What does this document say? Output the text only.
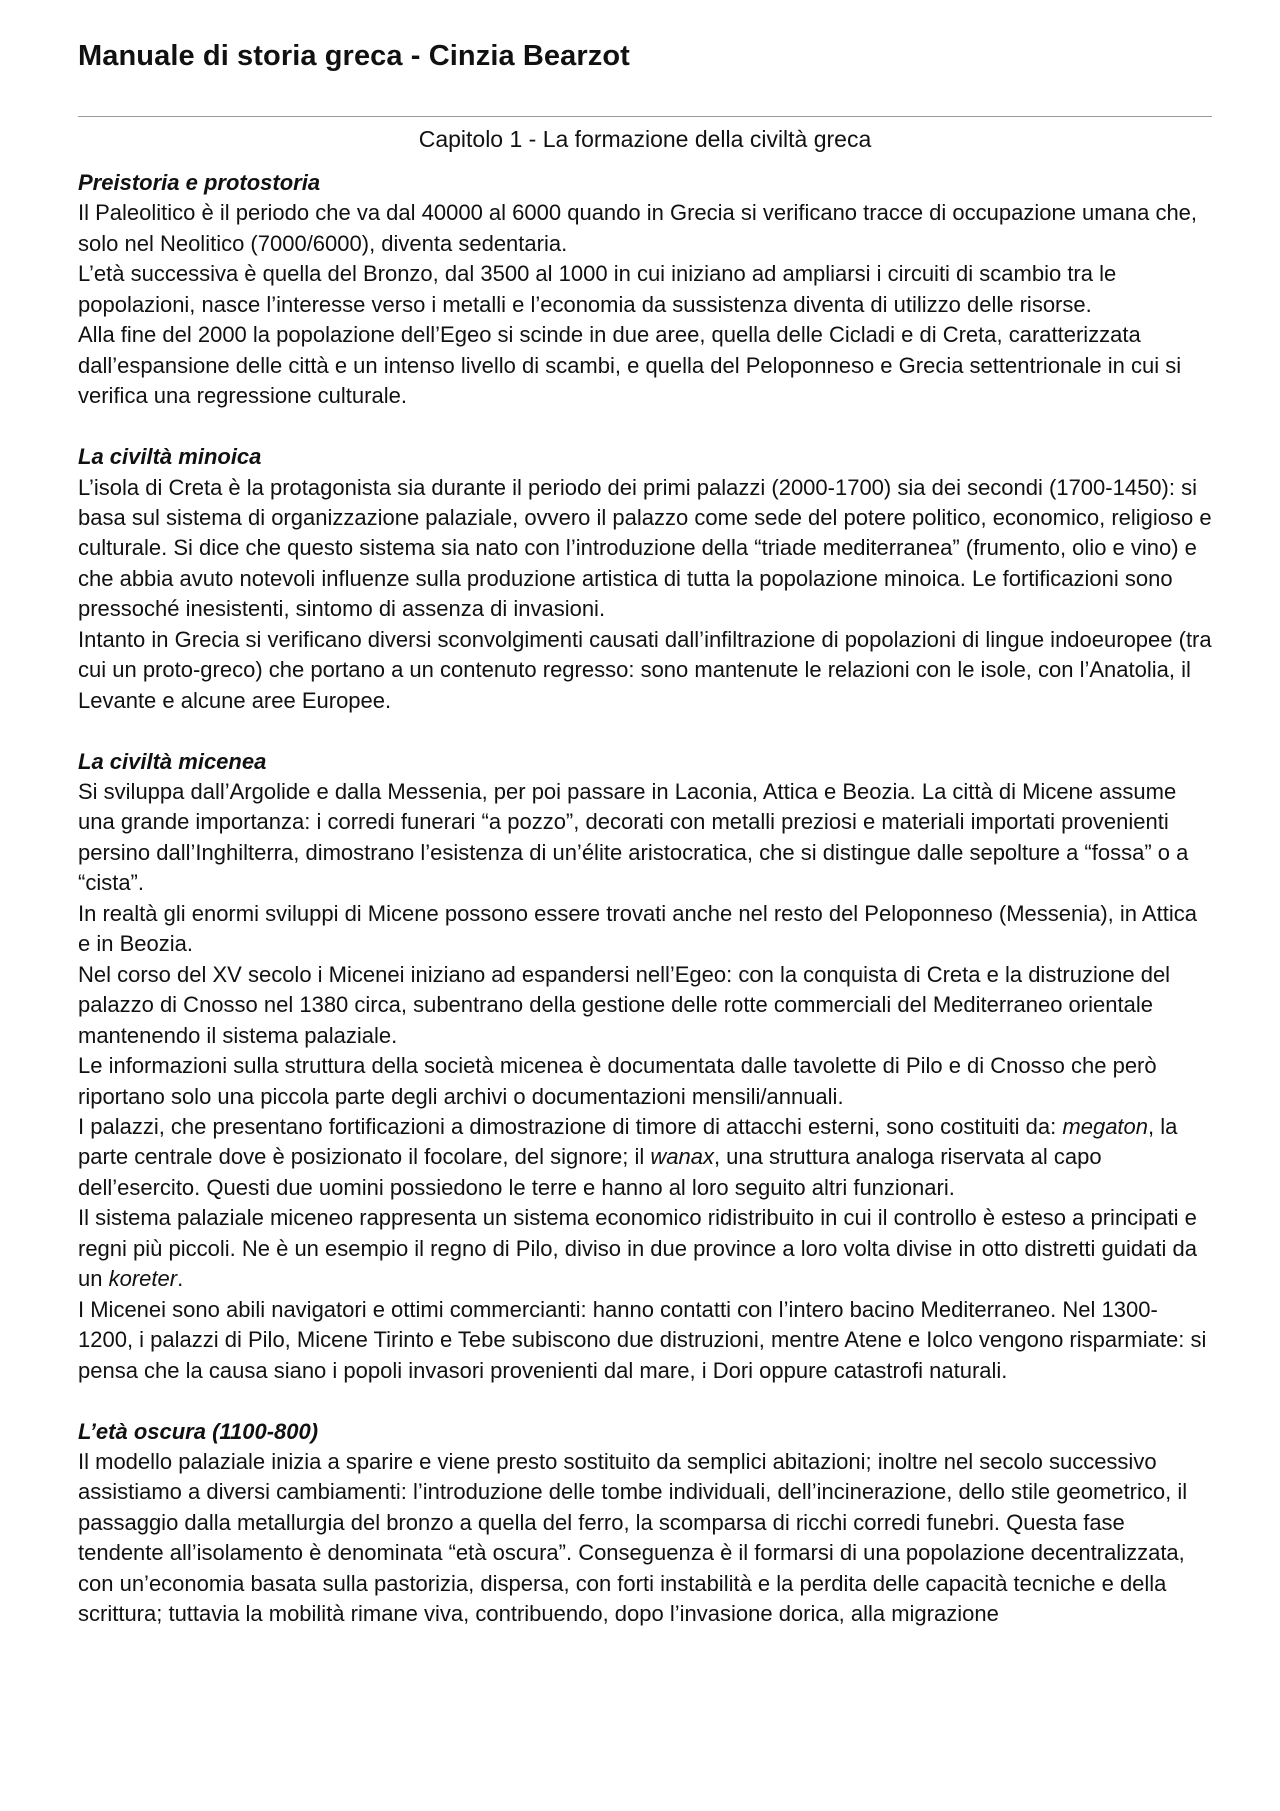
Manuale di storia greca - Cinzia Bearzot
Capitolo 1 - La formazione della civiltà greca
Preistoria e protostoria
Il Paleolitico è il periodo che va dal 40000 al 6000 quando in Grecia si verificano tracce di occupazione umana che, solo nel Neolitico (7000/6000), diventa sedentaria.
L’età successiva è quella del Bronzo, dal 3500 al 1000 in cui iniziano ad ampliarsi i circuiti di scambio tra le popolazioni, nasce l’interesse verso i metalli e l’economia da sussistenza diventa di utilizzo delle risorse.
Alla fine del 2000 la popolazione dell’Egeo si scinde in due aree, quella delle Cicladi e di Creta, caratterizzata dall’espansione delle città e un intenso livello di scambi, e quella del Peloponneso e Grecia settentrionale in cui si verifica una regressione culturale.
La civiltà minoica
L’isola di Creta è la protagonista sia durante il periodo dei primi palazzi (2000-1700) sia dei secondi (1700-1450): si basa sul sistema di organizzazione palaziale, ovvero il palazzo come sede del potere politico, economico, religioso e culturale. Si dice che questo sistema sia nato con l’introduzione della “triade mediterranea” (frumento, olio e vino) e che abbia avuto notevoli influenze sulla produzione artistica di tutta la popolazione minoica. Le fortificazioni sono pressoché inesistenti, sintomo di assenza di invasioni.
Intanto in Grecia si verificano diversi sconvolgimenti causati dall’infiltrazione di popolazioni di lingue indoeuropee (tra cui un proto-greco) che portano a un contenuto regresso: sono mantenute le relazioni con le isole, con l’Anatolia, il Levante e alcune aree Europee.
La civiltà micenea
Si sviluppa dall’Argolide e dalla Messenia, per poi passare in Laconia, Attica e Beozia. La città di Micene assume una grande importanza: i corredi funerari “a pozzo”, decorati con metalli preziosi e materiali importati provenienti persino dall’Inghilterra, dimostrano l’esistenza di un’élite aristocratica, che si distingue dalle sepolture a “fossa” o a “cista”.
In realtà gli enormi sviluppi di Micene possono essere trovati anche nel resto del Peloponneso (Messenia), in Attica e in Beozia.
Nel corso del XV secolo i Micenei iniziano ad espandersi nell’Egeo: con la conquista di Creta e la distruzione del palazzo di Cnosso nel 1380 circa, subentrano della gestione delle rotte commerciali del Mediterraneo orientale mantenendo il sistema palaziale.
Le informazioni sulla struttura della società micenea è documentata dalle tavolette di Pilo e di Cnosso che però riportano solo una piccola parte degli archivi o documentazioni mensili/annuali.
I palazzi, che presentano fortificazioni a dimostrazione di timore di attacchi esterni, sono costituiti da: megaton, la parte centrale dove è posizionato il focolare, del signore; il wanax, una struttura analoga riservata al capo dell’esercito. Questi due uomini possiedono le terre e hanno al loro seguito altri funzionari.
Il sistema palaziale miceneo rappresenta un sistema economico ridistribuito in cui il controllo è esteso a principati e regni più piccoli. Ne è un esempio il regno di Pilo, diviso in due province a loro volta divise in otto distretti guidati da un koreter.
I Micenei sono abili navigatori e ottimi commercianti: hanno contatti con l’intero bacino Mediterraneo. Nel 1300-1200, i palazzi di Pilo, Micene Tirinto e Tebe subiscono due distruzioni, mentre Atene e Iolco vengono risparmiate: si pensa che la causa siano i popoli invasori provenienti dal mare, i Dori oppure catastrofi naturali.
L’età oscura (1100-800)
Il modello palaziale inizia a sparire e viene presto sostituito da semplici abitazioni; inoltre nel secolo successivo assistiamo a diversi cambiamenti: l’introduzione delle tombe individuali, dell’incinerazione, dello stile geometrico, il passaggio dalla metallurgia del bronzo a quella del ferro, la scomparsa di ricchi corredi funebri. Questa fase tendente all’isolamento è denominata “età oscura”. Conseguenza è il formarsi di una popolazione decentralizzata, con un’economia basata sulla pastorizia, dispersa, con forti instabilità e la perdita delle capacità tecniche e della scrittura; tuttavia la mobilità rimane viva, contribuendo, dopo l’invasione dorica, alla migrazione
